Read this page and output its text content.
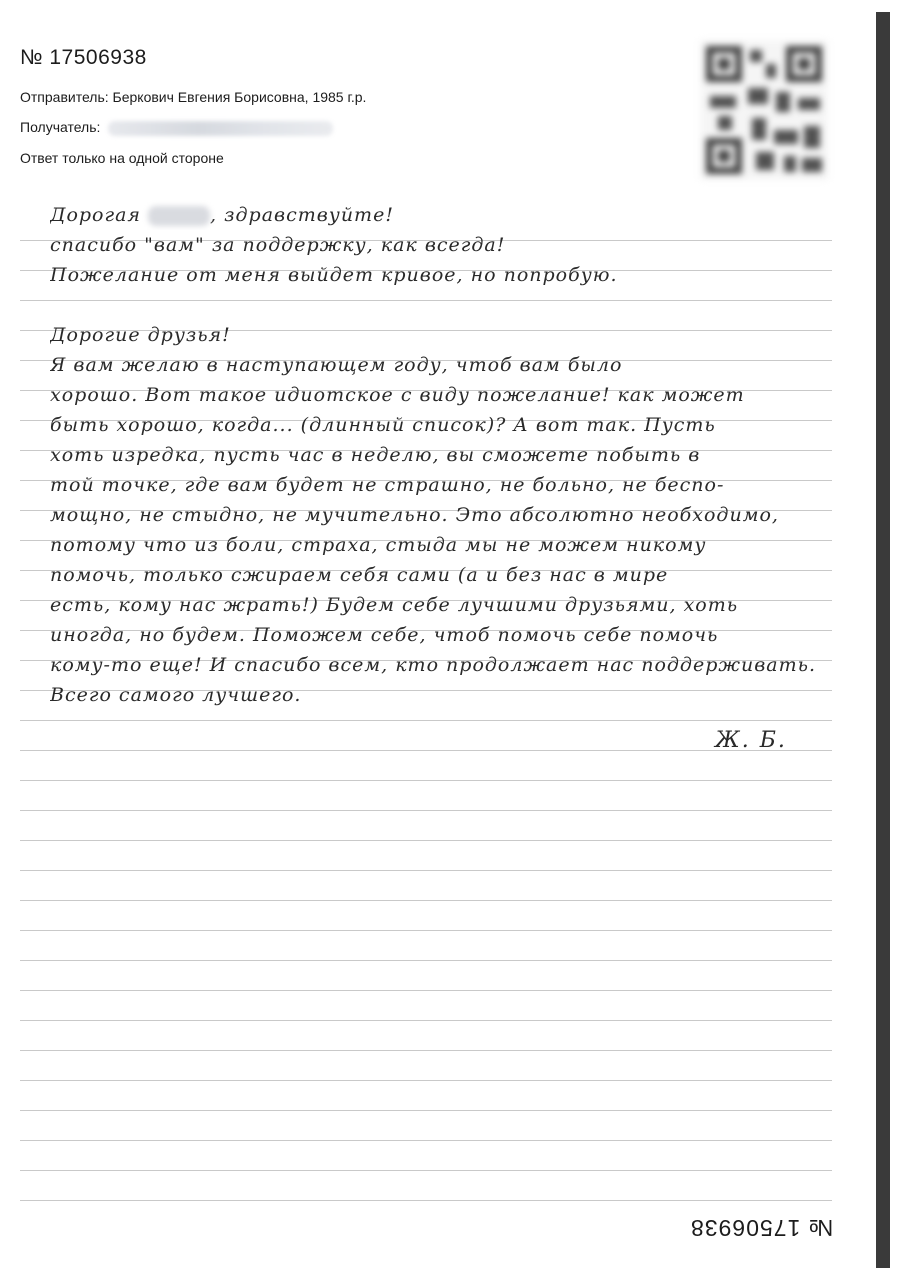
№ 17506938
Отправитель: Беркович Евгения Борисовна, 1985 г.р.
Получатель:
Ответ только на одной стороне
Дорогая	, здравствуйте!
спасибо "вам" за поддержку, как всегда!
Пожелание от меня выйдет кривое, но попробую.
Дорогие друзья!
Я вам желаю в наступающем году, чтоб вам было
хорошо. Вот такое идиотское с виду пожелание! как может
быть хорошо, когда... (длинный список)? А вот так. Пусть
хоть изредка, пусть час в неделю, вы сможете побыть в
той точке, где вам будет не страшно, не больно, не беспо-
мощно, не стыдно, не мучительно. Это абсолютно необходимо,
потому что из боли, страха, стыда мы не можем никому
помочь, только сжираем себя сами (а и без нас в мире
есть, кому нас жрать!) Будем себе лучшими друзьями, хоть
иногда, но будем. Поможем себе, чтоб помочь себе помочь
кому-то еще! И спасибо всем, кто продолжает нас поддерживать.
Всего самого лучшего.
Ж. Б.
№ 17506938
